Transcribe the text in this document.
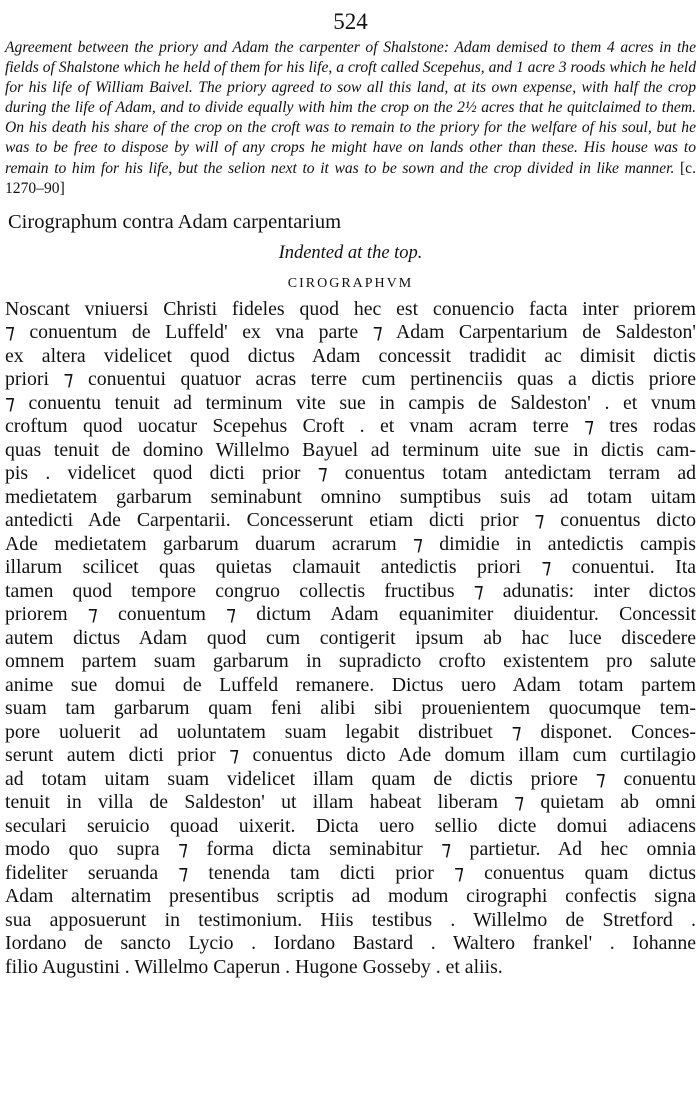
524

Agreement between the priory and Adam the carpenter of Shalstone: Adam demised to them 4 acres in the fields of Shalstone which he held of them for his life, a croft called Scepehus, and 1 acre 3 roods which he held for his life of William Baivel. The priory agreed to sow all this land, at its own expense, with half the crop during the life of Adam, and to divide equally with him the crop on the 2½ acres that he quitclaimed to them. On his death his share of the crop on the croft was to remain to the priory for the welfare of his soul, but he was to be free to dispose by will of any crops he might have on lands other than these. His house was to remain to him for his life, but the selion next to it was to be sown and the crop divided in like manner. [c. 1270–90]

Cirographum contra Adam carpentarium
Indented at the top.
CIROGRAPHVM
Noscant vniuersi Christi fideles quod hec est conuencio facta inter priorem
⁊ conuentum de Luffeld' ex vna parte ⁊ Adam Carpentarium de Saldeston'
ex altera videlicet quod dictus Adam concessit tradidit ac dimisit dictis
priori ⁊ conuentui quatuor acras terre cum pertinenciis quas a dictis priore
⁊ conuentu tenuit ad terminum vite sue in campis de Saldeston' . et vnum
croftum quod uocatur Scepehus Croft . et vnam acram terre ⁊ tres rodas
quas tenuit de domino Willelmo Bayuel ad terminum uite sue in dictis cam-
pis . videlicet quod dicti prior ⁊ conuentus totam antedictam terram ad
medietatem garbarum seminabunt omnino sumptibus suis ad totam uitam
antedicti Ade Carpentarii. Concesserunt etiam dicti prior ⁊ conuentus dicto
Ade medietatem garbarum duarum acrarum ⁊ dimidie in antedictis campis
illarum scilicet quas quietas clamauit antedictis priori ⁊ conuentui. Ita
tamen quod tempore congruo collectis fructibus ⁊ adunatis: inter dictos
priorem ⁊ conuentum ⁊ dictum Adam equanimiter diuidentur. Concessit
autem dictus Adam quod cum contigerit ipsum ab hac luce discedere
omnem partem suam garbarum in supradicto crofto existentem pro salute
anime sue domui de Luffeld remanere. Dictus uero Adam totam partem
suam tam garbarum quam feni alibi sibi prouenientem quocumque tem-
pore uoluerit ad uoluntatem suam legabit distribuet ⁊ disponet. Conces-
serunt autem dicti prior ⁊ conuentus dicto Ade domum illam cum curtilagio
ad totam uitam suam videlicet illam quam de dictis priore ⁊ conuentu
tenuit in villa de Saldeston' ut illam habeat liberam ⁊ quietam ab omni
seculari seruicio quoad uixerit. Dicta uero sellio dicte domui adiacens
modo quo supra ⁊ forma dicta seminabitur ⁊ partietur. Ad hec omnia
fideliter seruanda ⁊ tenenda tam dicti prior ⁊ conuentus quam dictus
Adam alternatim presentibus scriptis ad modum cirographi confectis signa
sua apposuerunt in testimonium. Hiis testibus . Willelmo de Stretford .
Iordano de sancto Lycio . Iordano Bastard . Waltero frankel' . Iohanne
filio Augustini . Willelmo Caperun . Hugone Gosseby . et aliis.
